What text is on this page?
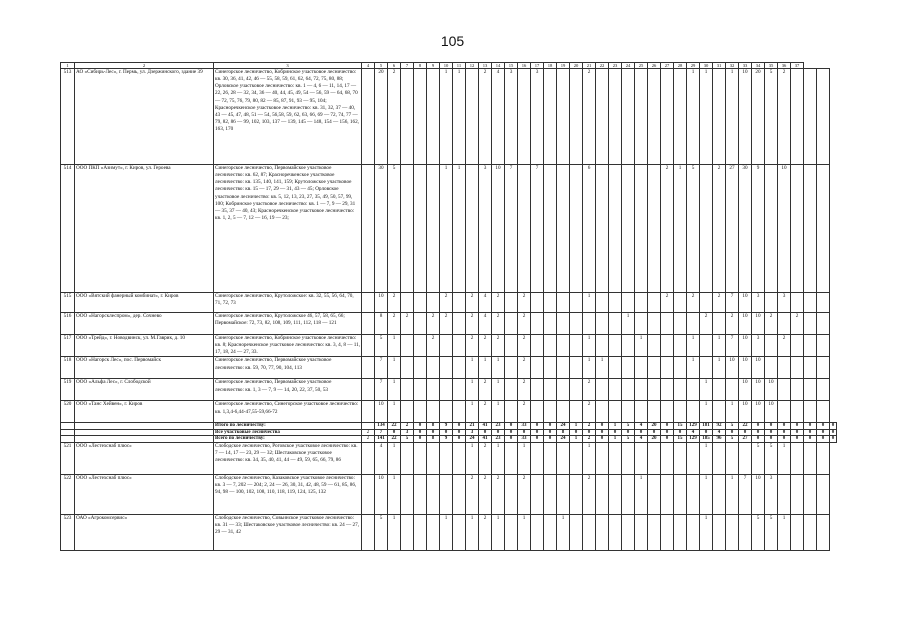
105
1	2	3	4	5	6	7	8	9	10	11	12	13	14	15	16	17	18	19	20	21	22	23	24	25	26	27	28	29	30	31	32	33	34	35	36	37			
513	АО «Сибирь-Лес», г. Пермь, ул. Дзержинского, здание 39	Синегорское лесничество, Кобринское участковое лесничество: кв. 30, 36, 41, 42, 46 — 55, 58, 59, 61, 62, 64, 72, 75, 80, 88; Орловское участковое лесничество: кв. 1 — 4, 6 — 11, 14, 17 — 22, 26, 28 — 32, 34, 36 — 40, 44, 45, 49, 54 — 56, 59 — 64, 68, 70 — 72, 75, 76, 79, 80, 82 — 85, 87, 91, 93 — 95, 104; Красноречкенское участковое лесничество: кв. 31, 32, 37 — 40, 43 — 45, 47, 48, 51 — 54, 56,58, 59, 62, 63, 66, 69 — 72, 74, 77 — 79, 82, 86 — 99, 102, 103, 137 — 139, 145 — 148, 154 — 156, 162, 163, 170		20	2				1	1		2	4	3		3				2								1	1		1	10	20	5	2				
514	ООО ПКП «Азимут», г. Киров, ул. Героева	Синегорское лесничество, Первомайское участковое лесничество: кв. 62, 87; Красноречкенское участковое лесничество: кв. 135, 140, 141, 159; Крутоложское участковое лесничество: кв. 15 — 17, 29 — 31, 43 — 45; Орловское участковое лесничество: кв. 5, 12, 13, 23, 27, 35, 49, 50, 57, 99, 100; Кобринское участковое лесничество: кв. 1 — 7, 9 — 29, 31 — 35, 37 — 40, 43; Красноречкенское участковое лесничество: кв. 1, 2, 5 — 7, 12 — 16, 19 — 23;		30	5				1	1		3	10	7		7				6						2	1	5		2	27	30	9		10				
515	ООО «Вятский фанерный комбинат», г. Киров	Синегорское лесничество, Крутоложское: кв. 32, 55, 56, 64, 70, 71, 72, 73		10	2				2		2	4	2		2					1						2		2		2	7	10	3		3				
516	ООО «Нагорсклеспром», дер. Сочнево	Синегорское лесничество, Крутоложское 46, 57, 58, 65, 66; Первомайское: 72, 73, 82, 108, 109, 111, 112, 118 — 121		8	2	2		2	2		2	4	2		2								1						2		2	10	10	2		2			
517	ООО «Трейд», г. Новодвинск, ул. М.Гаврик, д. 10	Синегорское лесничество, Кобринское участковое лесничество: кв. 8; Красноречкенское участковое лесничество: кв. 3, 4, 8 — 11, 17, 18, 24 — 27, 33.		5	1			2			2	2	2		2					1				1				1		1	7	10	3		2				
518	ООО «Нагорск Лес», пос. Первомайск	Синегорское лесничество, Первомайское участковое лесничество: кв. 59, 70, 77, 90, 104, 113		7	1						1	1	1		2					1	1							1		1	10	10	10						
519	ООО «Альфа Лес», г. Слободской	Синегорское лесничество, Первомайское участковое лесничество: кв. 1, 3 — 7, 9 — 14, 20, 22, 37, 50, 53		7	1						1	2	1		2					2									1			10	10	10					
520	ООО «Танс Хейвен», г. Киров	Синегорское лесничество, Синегорское участковое лесничество: кв. 1,3,4-6,44-47,55-59,66-72		10	1						1	2	1		2					2									1		1	10	10	10					
		Итого по лесничеству:		134	22	2	0	8	9	0	21	41	23	0	33	0	0	24	1	2	0	1	5	4	20	0	15	129	181	92	5	22	0	0	0	0	0	0	0
		Все участковые лесничества	2	7	0	3	0	0	0	0	3	0	0	0	0	0	0	8	0	0	0	0	0	0	0	0	0	4	0	4	0	0	0	0	0	0	0	0	0
		Всего по лесничеству:	2	141	22	5	0	8	9	0	24	41	23	0	33	0	0	24	1	2	0	1	5	4	20	0	15	129	185	96	5	27	0	0	0	0	0	0	0
521	ООО «Лестехснаб плюс»	Слободское лесничество, Роговское участковое лесничество: кв. 7 — 14, 17 — 23, 29 — 32; Шестаковское участковое лесничество: кв. 34, 35, 40, 41, 44 — 49, 59, 65, 66, 79, 86		4	1						1	2	1		1					1									1				5	5	1				
522	ООО «Лестехснаб плюс»	Слободское лесничество, Казаковское участковое лесничество: кв. 3 — 7, 202 — 204; 2, 24 — 26, 30, 31, 42, 48, 59 — 61, 85, 86, 94, 98 — 100, 102, 108, 110, 118, 119, 124, 125, 132		10	1						2	2	2		2					2				1					1		1	7	10	3					
523	ОАО «Агрокомсервис»	Слободское лесничество, Совьинское участковое лесничество: кв. 31 — 33; Шестаковское участковое лесничество: кв. 24 — 27, 29 — 31, 42		5	1				1		1	2	1		1			1											1				5	5	1				
